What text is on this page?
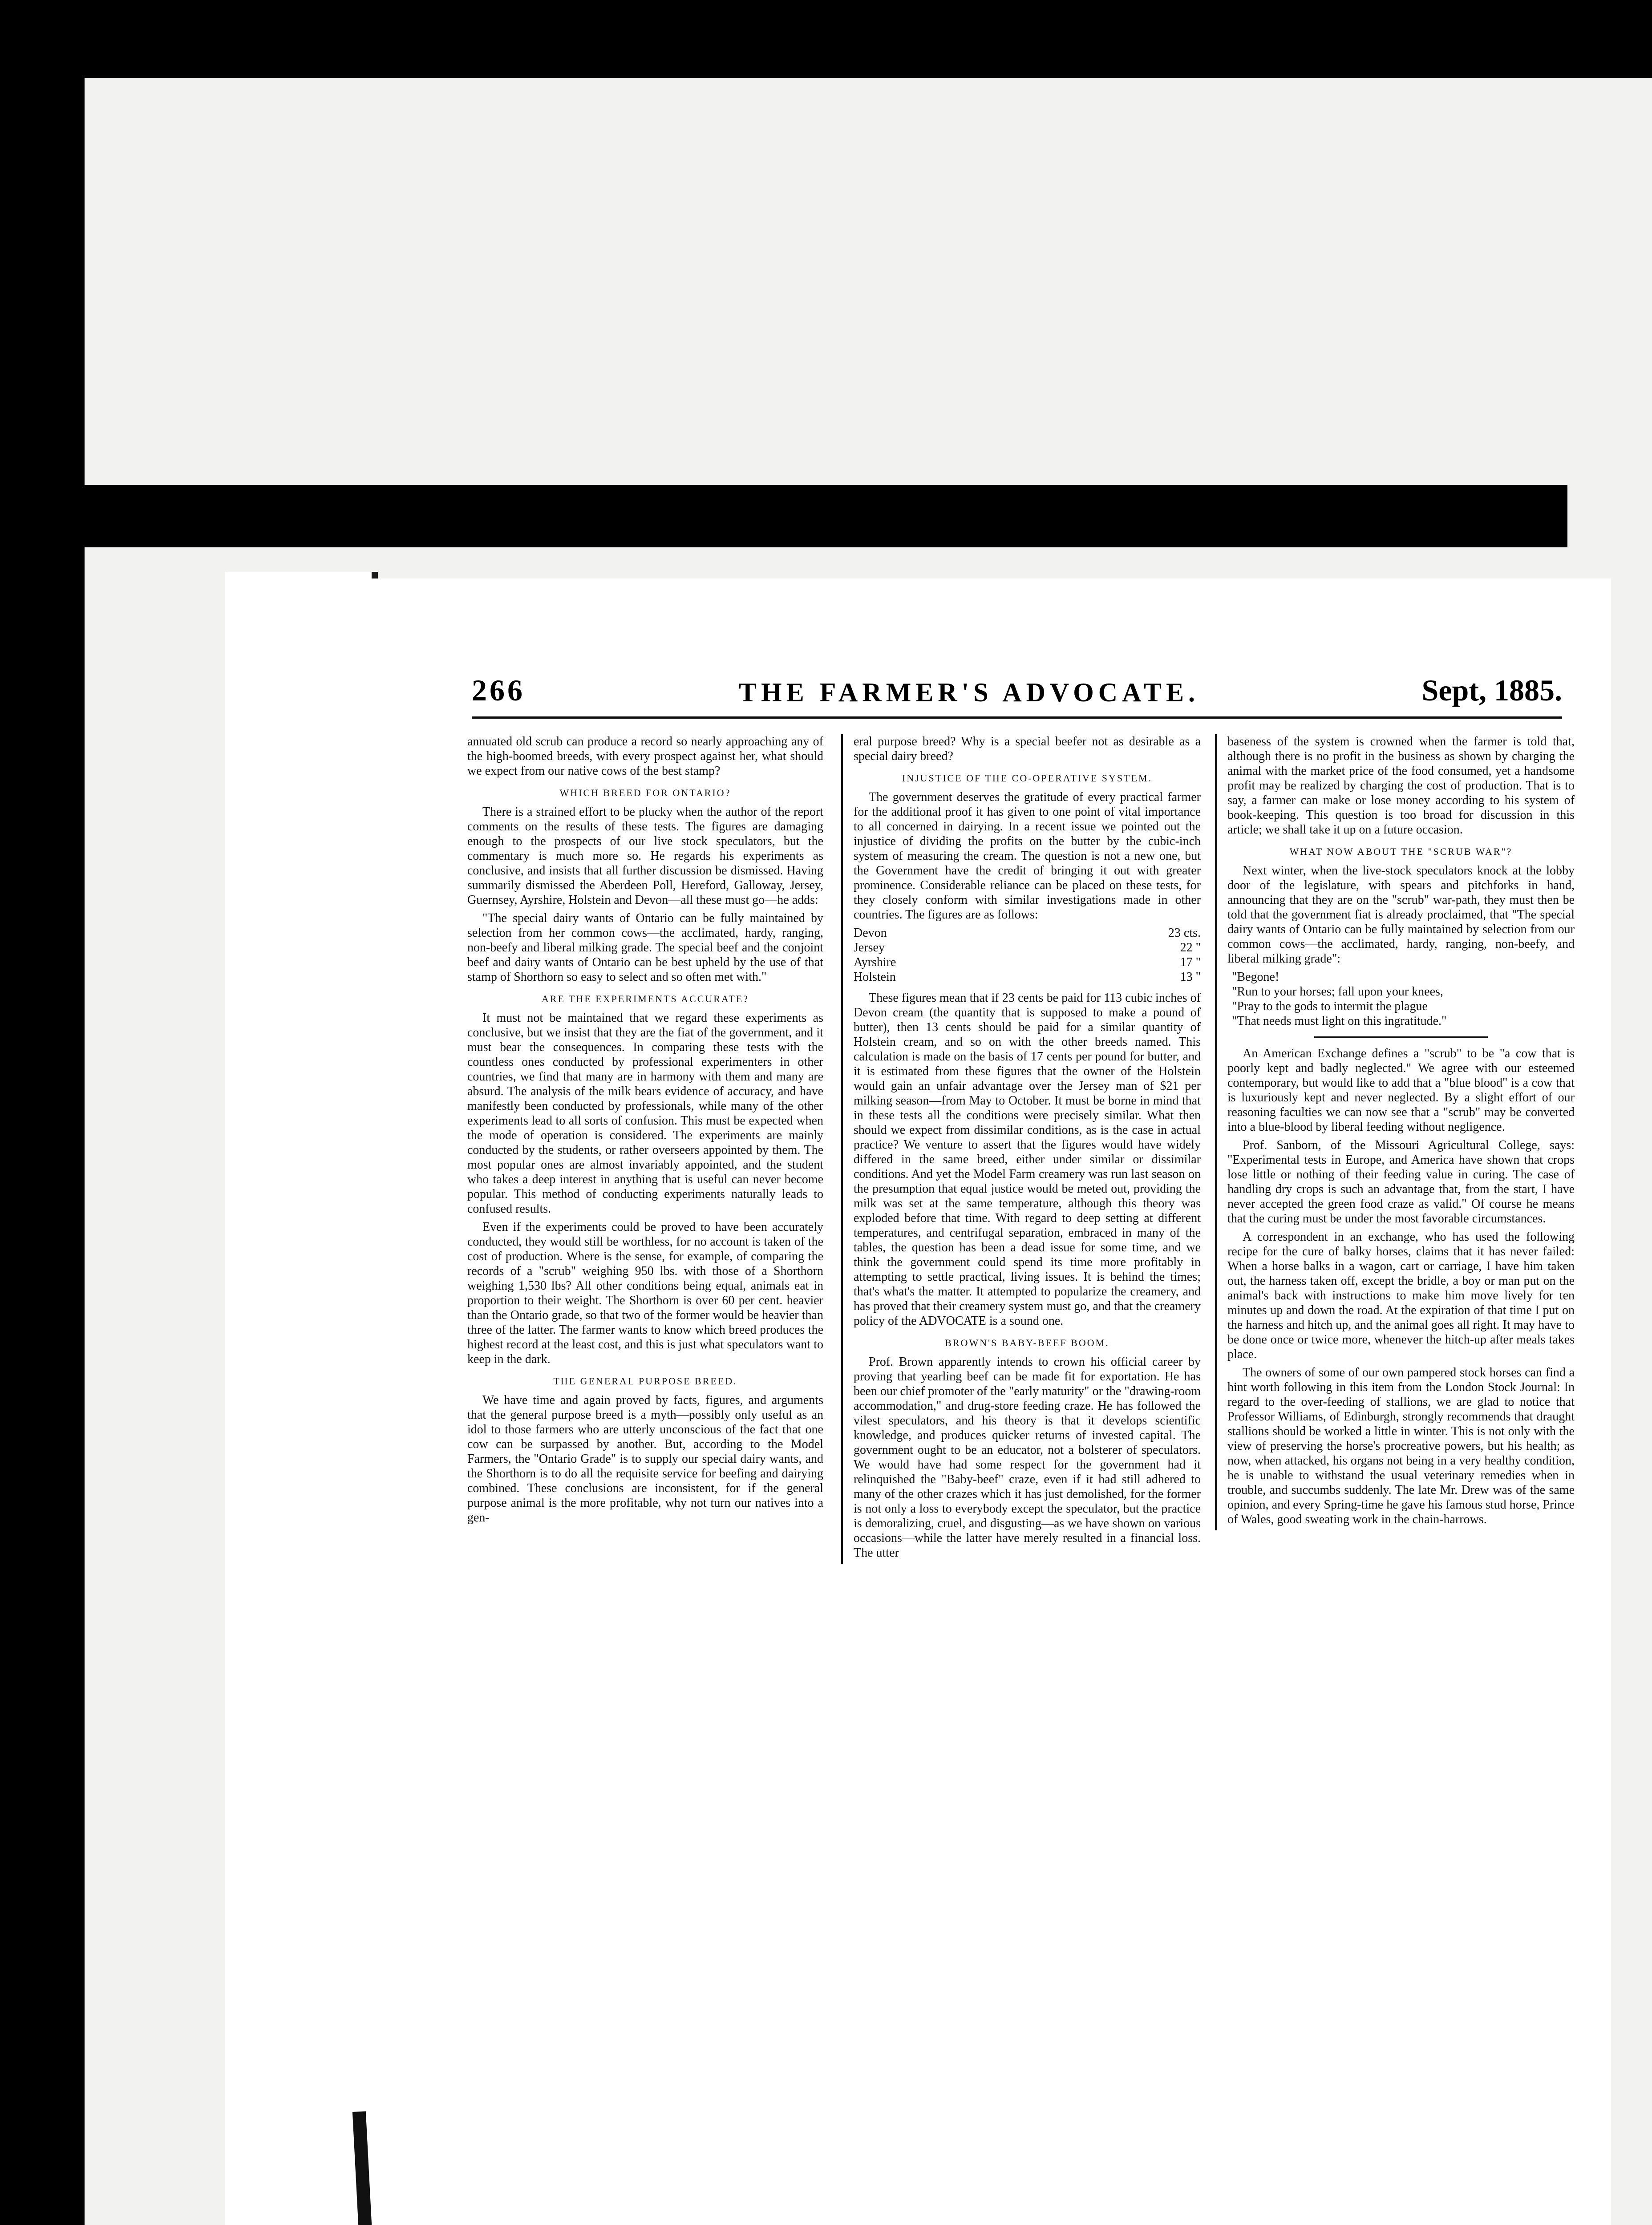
266	THE FARMER'S ADVOCATE.	Sept, 1885.

annuated old scrub can produce a record so nearly approaching any of the high-boomed breeds, with every prospect against her, what should we expect from our native cows of the best stamp?

WHICH BREED FOR ONTARIO?

There is a strained effort to be plucky when the author of the report comments on the results of these tests. The figures are damaging enough to the prospects of our live stock speculators, but the commentary is much more so. He regards his experiments as conclusive, and insists that all further discussion be dismissed. Having summarily dismissed the Aberdeen Poll, Hereford, Galloway, Jersey, Guernsey, Ayrshire, Holstein and Devon—all these must go—he adds:

"The special dairy wants of Ontario can be fully maintained by selection from her common cows—the acclimated, hardy, ranging, non-beefy and liberal milking grade. The special beef and the conjoint beef and dairy wants of Ontario can be best upheld by the use of that stamp of Shorthorn so easy to select and so often met with."

ARE THE EXPERIMENTS ACCURATE?

It must not be maintained that we regard these experiments as conclusive, but we insist that they are the fiat of the government, and it must bear the consequences. In comparing these tests with the countless ones conducted by professional experimenters in other countries, we find that many are in harmony with them and many are absurd. The analysis of the milk bears evidence of accuracy, and have manifestly been conducted by professionals, while many of the other experiments lead to all sorts of confusion. This must be expected when the mode of operation is considered. The experiments are mainly conducted by the students, or rather overseers appointed by them. The most popular ones are almost invariably appointed, and the student who takes a deep interest in anything that is useful can never become popular. This method of conducting experiments naturally leads to confused results.

Even if the experiments could be proved to have been accurately conducted, they would still be worthless, for no account is taken of the cost of production. Where is the sense, for example, of comparing the records of a "scrub" weighing 950 lbs. with those of a Shorthorn weighing 1,530 lbs? All other conditions being equal, animals eat in proportion to their weight. The Shorthorn is over 60 per cent. heavier than the Ontario grade, so that two of the former would be heavier than three of the latter. The farmer wants to know which breed produces the highest record at the least cost, and this is just what speculators want to keep in the dark.

THE GENERAL PURPOSE BREED.

We have time and again proved by facts, figures, and arguments that the general purpose breed is a myth—possibly only useful as an idol to those farmers who are utterly unconscious of the fact that one cow can be surpassed by another. But, according to the Model Farmers, the "Ontario Grade" is to supply our special dairy wants, and the Shorthorn is to do all the requisite service for beefing and dairying combined. These conclusions are inconsistent, for if the general purpose animal is the more profitable, why not turn our natives into a gen-

eral purpose breed? Why is a special beefer not as desirable as a special dairy breed?

INJUSTICE OF THE CO-OPERATIVE SYSTEM.

The government deserves the gratitude of every practical farmer for the additional proof it has given to one point of vital importance to all concerned in dairying. In a recent issue we pointed out the injustice of dividing the profits on the butter by the cubic-inch system of measuring the cream. The question is not a new one, but the Government have the credit of bringing it out with greater prominence. Considerable reliance can be placed on these tests, for they closely conform with similar investigations made in other countries. The figures are as follows:

Devon	23 cts.
Jersey	22 "
Ayrshire	17 "
Holstein	13 "

These figures mean that if 23 cents be paid for 113 cubic inches of Devon cream (the quantity that is supposed to make a pound of butter), then 13 cents should be paid for a similar quantity of Holstein cream, and so on with the other breeds named. This calculation is made on the basis of 17 cents per pound for butter, and it is estimated from these figures that the owner of the Holstein would gain an unfair advantage over the Jersey man of $21 per milking season—from May to October. It must be borne in mind that in these tests all the conditions were precisely similar. What then should we expect from dissimilar conditions, as is the case in actual practice? We venture to assert that the figures would have widely differed in the same breed, either under similar or dissimilar conditions. And yet the Model Farm creamery was run last season on the presumption that equal justice would be meted out, providing the milk was set at the same temperature, although this theory was exploded before that time. With regard to deep setting at different temperatures, and centrifugal separation, embraced in many of the tables, the question has been a dead issue for some time, and we think the government could spend its time more profitably in attempting to settle practical, living issues. It is behind the times; that's what's the matter. It attempted to popularize the creamery, and has proved that their creamery system must go, and that the creamery policy of the ADVOCATE is a sound one.

BROWN'S BABY-BEEF BOOM.

Prof. Brown apparently intends to crown his official career by proving that yearling beef can be made fit for exportation. He has been our chief promoter of the "early maturity" or the "drawing-room accommodation," and drug-store feeding craze. He has followed the vilest speculators, and his theory is that it develops scientific knowledge, and produces quicker returns of invested capital. The government ought to be an educator, not a bolsterer of speculators. We would have had some respect for the government had it relinquished the "Baby-beef" craze, even if it had still adhered to many of the other crazes which it has just demolished, for the former is not only a loss to everybody except the speculator, but the practice is demoralizing, cruel, and disgusting—as we have shown on various occasions—while the latter have merely resulted in a financial loss. The utter

baseness of the system is crowned when the farmer is told that, although there is no profit in the business as shown by charging the animal with the market price of the food consumed, yet a handsome profit may be realized by charging the cost of production. That is to say, a farmer can make or lose money according to his system of book-keeping. This question is too broad for discussion in this article; we shall take it up on a future occasion.

WHAT NOW ABOUT THE "SCRUB WAR"?

Next winter, when the live-stock speculators knock at the lobby door of the legislature, with spears and pitchforks in hand, announcing that they are on the "scrub" war-path, they must then be told that the government fiat is already proclaimed, that "The special dairy wants of Ontario can be fully maintained by selection from our common cows—the acclimated, hardy, ranging, non-beefy, and liberal milking grade":

"Begone!
"Run to your horses; fall upon your knees,
"Pray to the gods to intermit the plague
"That needs must light on this ingratitude."

An American Exchange defines a "scrub" to be "a cow that is poorly kept and badly neglected." We agree with our esteemed contemporary, but would like to add that a "blue blood" is a cow that is luxuriously kept and never neglected. By a slight effort of our reasoning faculties we can now see that a "scrub" may be converted into a blue-blood by liberal feeding without negligence.

Prof. Sanborn, of the Missouri Agricultural College, says: "Experimental tests in Europe, and America have shown that crops lose little or nothing of their feeding value in curing. The case of handling dry crops is such an advantage that, from the start, I have never accepted the green food craze as valid." Of course he means that the curing must be under the most favorable circumstances.

A correspondent in an exchange, who has used the following recipe for the cure of balky horses, claims that it has never failed: When a horse balks in a wagon, cart or carriage, I have him taken out, the harness taken off, except the bridle, a boy or man put on the animal's back with instructions to make him move lively for ten minutes up and down the road. At the expiration of that time I put on the harness and hitch up, and the animal goes all right. It may have to be done once or twice more, whenever the hitch-up after meals takes place.

The owners of some of our own pampered stock horses can find a hint worth following in this item from the London Stock Journal: In regard to the over-feeding of stallions, we are glad to notice that Professor Williams, of Edinburgh, strongly recommends that draught stallions should be worked a little in winter. This is not only with the view of preserving the horse's procreative powers, but his health; as now, when attacked, his organs not being in a very healthy condition, he is unable to withstand the usual veterinary remedies when in trouble, and succumbs suddenly. The late Mr. Drew was of the same opinion, and every Spring-time he gave his famous stud horse, Prince of Wales, good sweating work in the chain-harrows.
